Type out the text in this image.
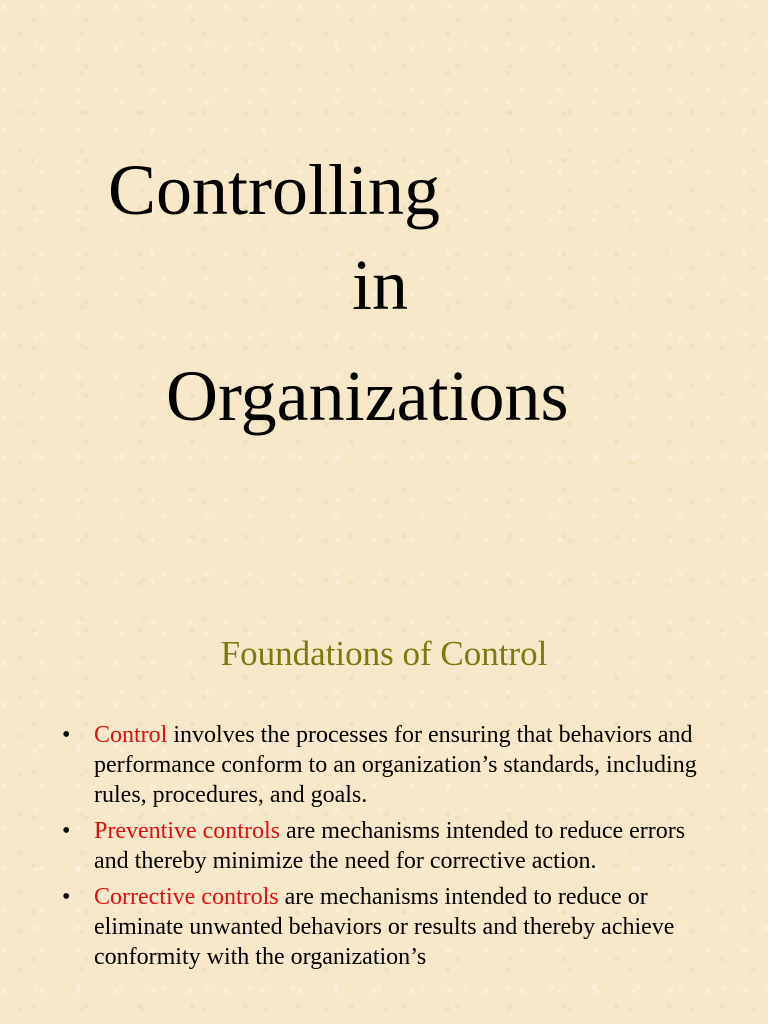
Controlling
in
Organizations
Foundations of Control
• Control involves the processes for ensuring that behaviors and performance conform to an organization’s standards, including rules, procedures, and goals.
• Preventive controls are mechanisms intended to reduce errors and thereby minimize the need for corrective action.
• Corrective controls are mechanisms intended to reduce or eliminate unwanted behaviors or results and thereby achieve conformity with the organization’s
